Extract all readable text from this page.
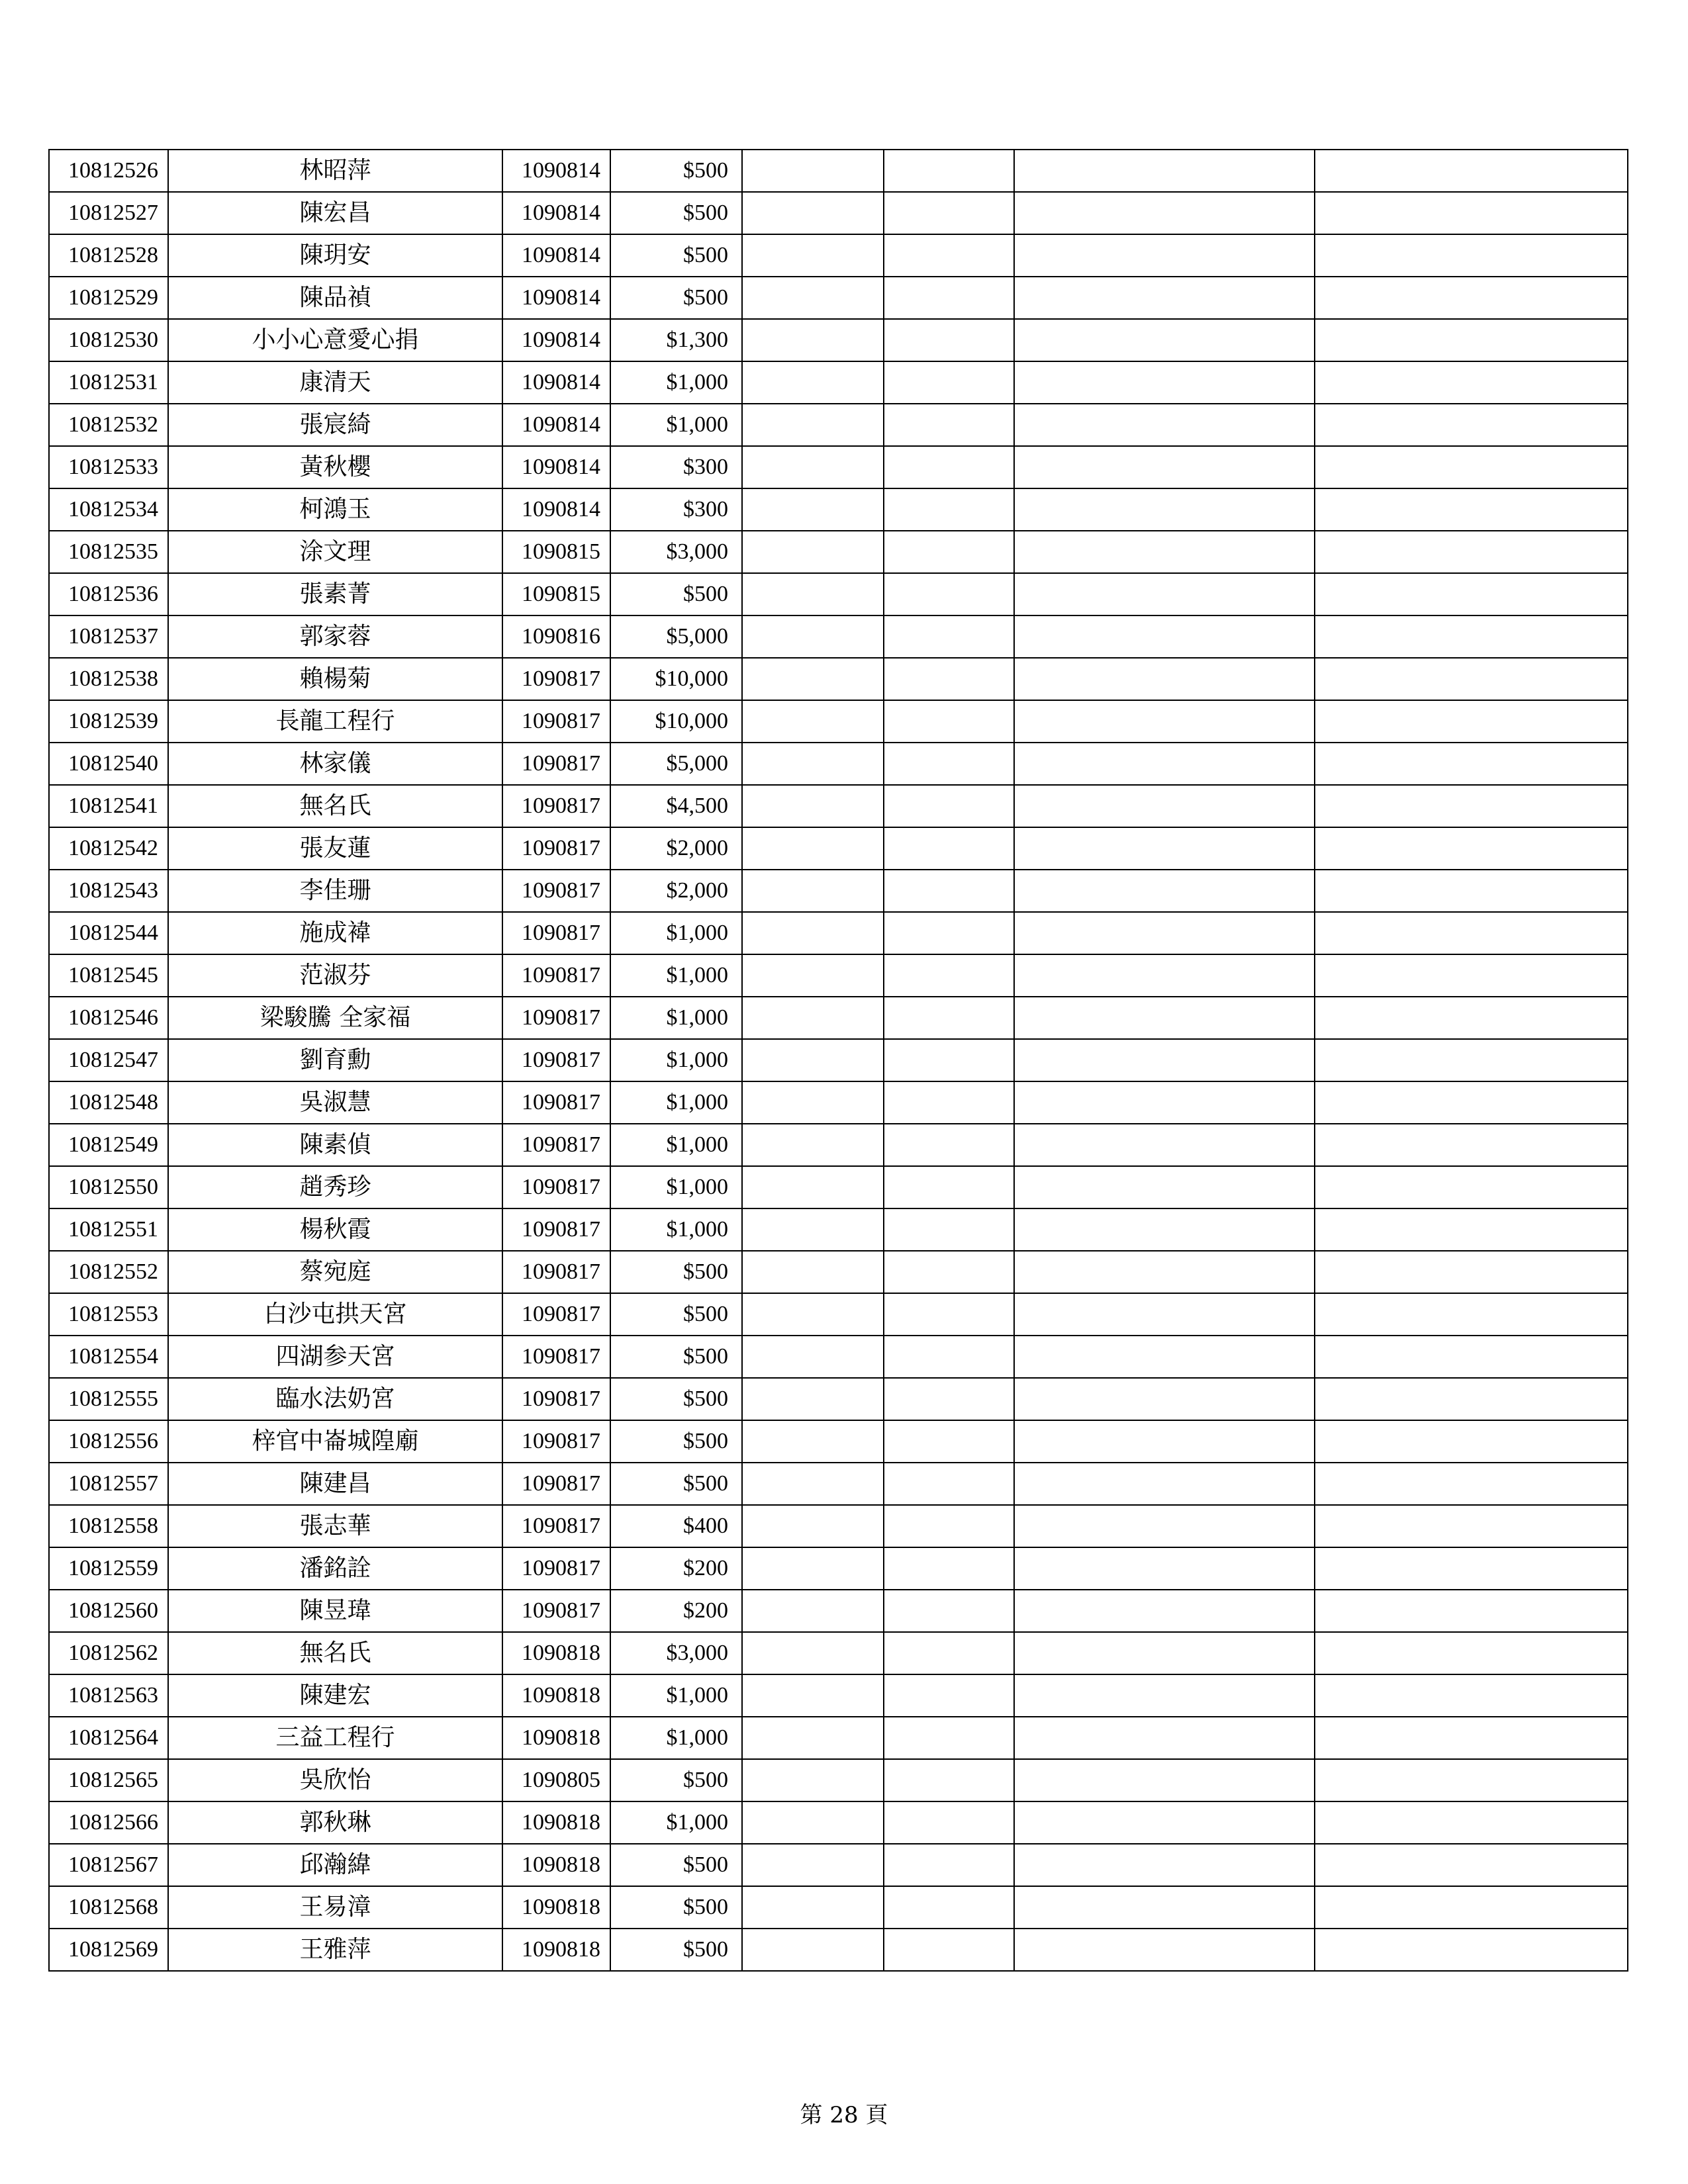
10812526	林昭萍	1090814	$500				
10812527	陳宏昌	1090814	$500				
10812528	陳玥安	1090814	$500				
10812529	陳品禎	1090814	$500				
10812530	小小心意愛心捐	1090814	$1,300				
10812531	康清天	1090814	$1,000				
10812532	張宸綺	1090814	$1,000				
10812533	黃秋櫻	1090814	$300				
10812534	柯鴻玉	1090814	$300				
10812535	涂文理	1090815	$3,000				
10812536	張素菁	1090815	$500				
10812537	郭家蓉	1090816	$5,000				
10812538	賴楊菊	1090817	$10,000				
10812539	長龍工程行	1090817	$10,000				
10812540	林家儀	1090817	$5,000				
10812541	無名氏	1090817	$4,500				
10812542	張友蓮	1090817	$2,000				
10812543	李佳珊	1090817	$2,000				
10812544	施成褘	1090817	$1,000				
10812545	范淑芬	1090817	$1,000				
10812546	梁駿騰 全家福	1090817	$1,000				
10812547	劉育勳	1090817	$1,000				
10812548	吳淑慧	1090817	$1,000				
10812549	陳素偵	1090817	$1,000				
10812550	趙秀珍	1090817	$1,000				
10812551	楊秋霞	1090817	$1,000				
10812552	蔡宛庭	1090817	$500				
10812553	白沙屯拱天宮	1090817	$500				
10812554	四湖参天宮	1090817	$500				
10812555	臨水法奶宮	1090817	$500				
10812556	梓官中崙城隍廟	1090817	$500				
10812557	陳建昌	1090817	$500				
10812558	張志華	1090817	$400				
10812559	潘銘詮	1090817	$200				
10812560	陳昱瑋	1090817	$200				
10812562	無名氏	1090818	$3,000				
10812563	陳建宏	1090818	$1,000				
10812564	三益工程行	1090818	$1,000				
10812565	吳欣怡	1090805	$500				
10812566	郭秋琳	1090818	$1,000				
10812567	邱瀚緯	1090818	$500				
10812568	王易漳	1090818	$500				
10812569	王雅萍	1090818	$500				
第 28 頁
